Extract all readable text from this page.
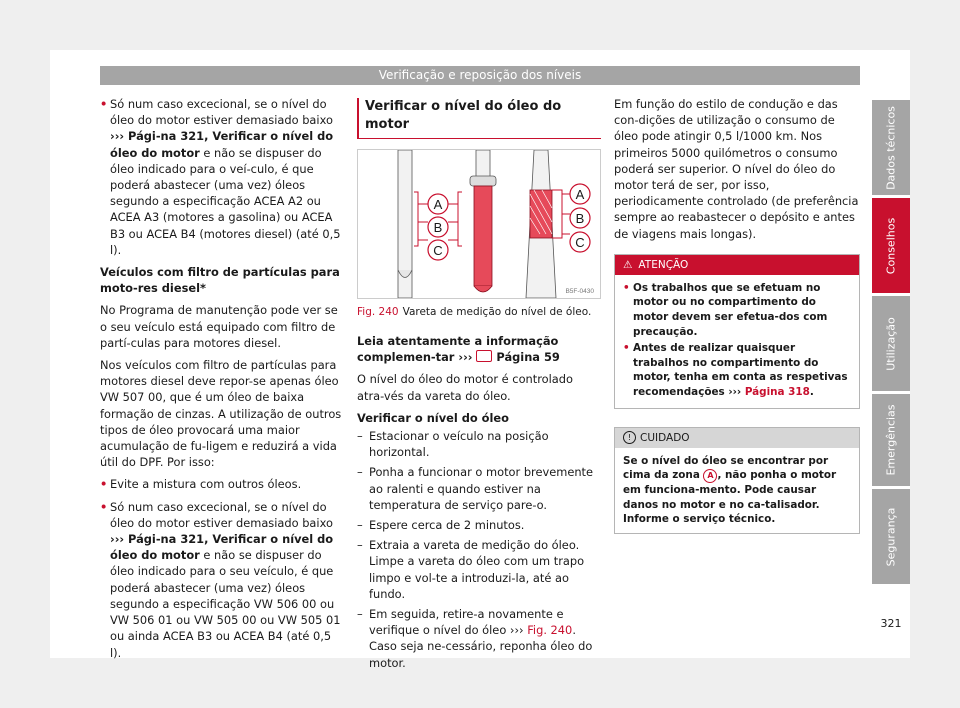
Verificação e reposição dos níveis
• Só num caso excecional, se o nível do óleo do motor estiver demasiado baixo ››› Pági-na 321, Verificar o nível do óleo do motor e não se dispuser do óleo indicado para o veí-culo, é que poderá abastecer (uma vez) óleos segundo a especificação ACEA A2 ou ACEA A3 (motores a gasolina) ou ACEA B3 ou ACEA B4 (motores diesel) (até 0,5 l).

Veículos com filtro de partículas para moto-res diesel*

No Programa de manutenção pode ver se o seu veículo está equipado com filtro de partí-culas para motores diesel.

Nos veículos com filtro de partículas para motores diesel deve repor-se apenas óleo VW 507 00, que é um óleo de baixa formação de cinzas. A utilização de outros tipos de óleo provocará uma maior acumulação de fu-ligem e reduzirá a vida útil do DPF. Por isso:

• Evite a mistura com outros óleos.
• Só num caso excecional, se o nível do óleo do motor estiver demasiado baixo ››› Pági-na 321, Verificar o nível do óleo do motor e não se dispuser do óleo indicado para o seu veículo, é que poderá abastecer (uma vez) óleos segundo a especificação VW 506 00 ou VW 506 01 ou VW 505 00 ou VW 505 01 ou ainda ACEA B3 ou ACEA B4 (até 0,5 l).
Verificar o nível do óleo do motor
A
B
C
A
B
C
B5F-0430
Fig. 240 Vareta de medição do nível de óleo.

Leia atentamente a informação complemen-tar ›››  Página 59

O nível do óleo do motor é controlado atra-vés da vareta do óleo.

Verificar o nível do óleo

– Estacionar o veículo na posição horizontal.
– Ponha a funcionar o motor brevemente ao ralenti e quando estiver na temperatura de serviço pare-o.
– Espere cerca de 2 minutos.
– Extraia a vareta de medição do óleo. Limpe a vareta do óleo com um trapo limpo e vol-te a introduzi-la, até ao fundo.
– Em seguida, retire-a novamente e verifique o nível do óleo ››› Fig. 240. Caso seja ne-cessário, reponha óleo do motor.

Em função do estilo de condução e das con-dições de utilização o consumo de óleo pode atingir 0,5 l/1000 km. Nos primeiros 5000 quilómetros o consumo poderá ser superior. O nível do óleo do motor terá de ser, por isso, periodicamente controlado (de preferência sempre ao reabastecer o depósito e antes de viagens mais longas).

⚠ ATENÇÃO
• Os trabalhos que se efetuam no motor ou no compartimento do motor devem ser efetua-dos com precaução.
• Antes de realizar quaisquer trabalhos no compartimento do motor, tenha em conta as respetivas recomendações ››› Página 318.
! CUIDADO
Se o nível do óleo se encontrar por cima da zona A , não ponha o motor em funciona-mento. Pode causar danos no motor e no ca-talisador. Informe o serviço técnico.
Dados técnicos
Conselhos
Utilização
Emergências
Segurança
321
